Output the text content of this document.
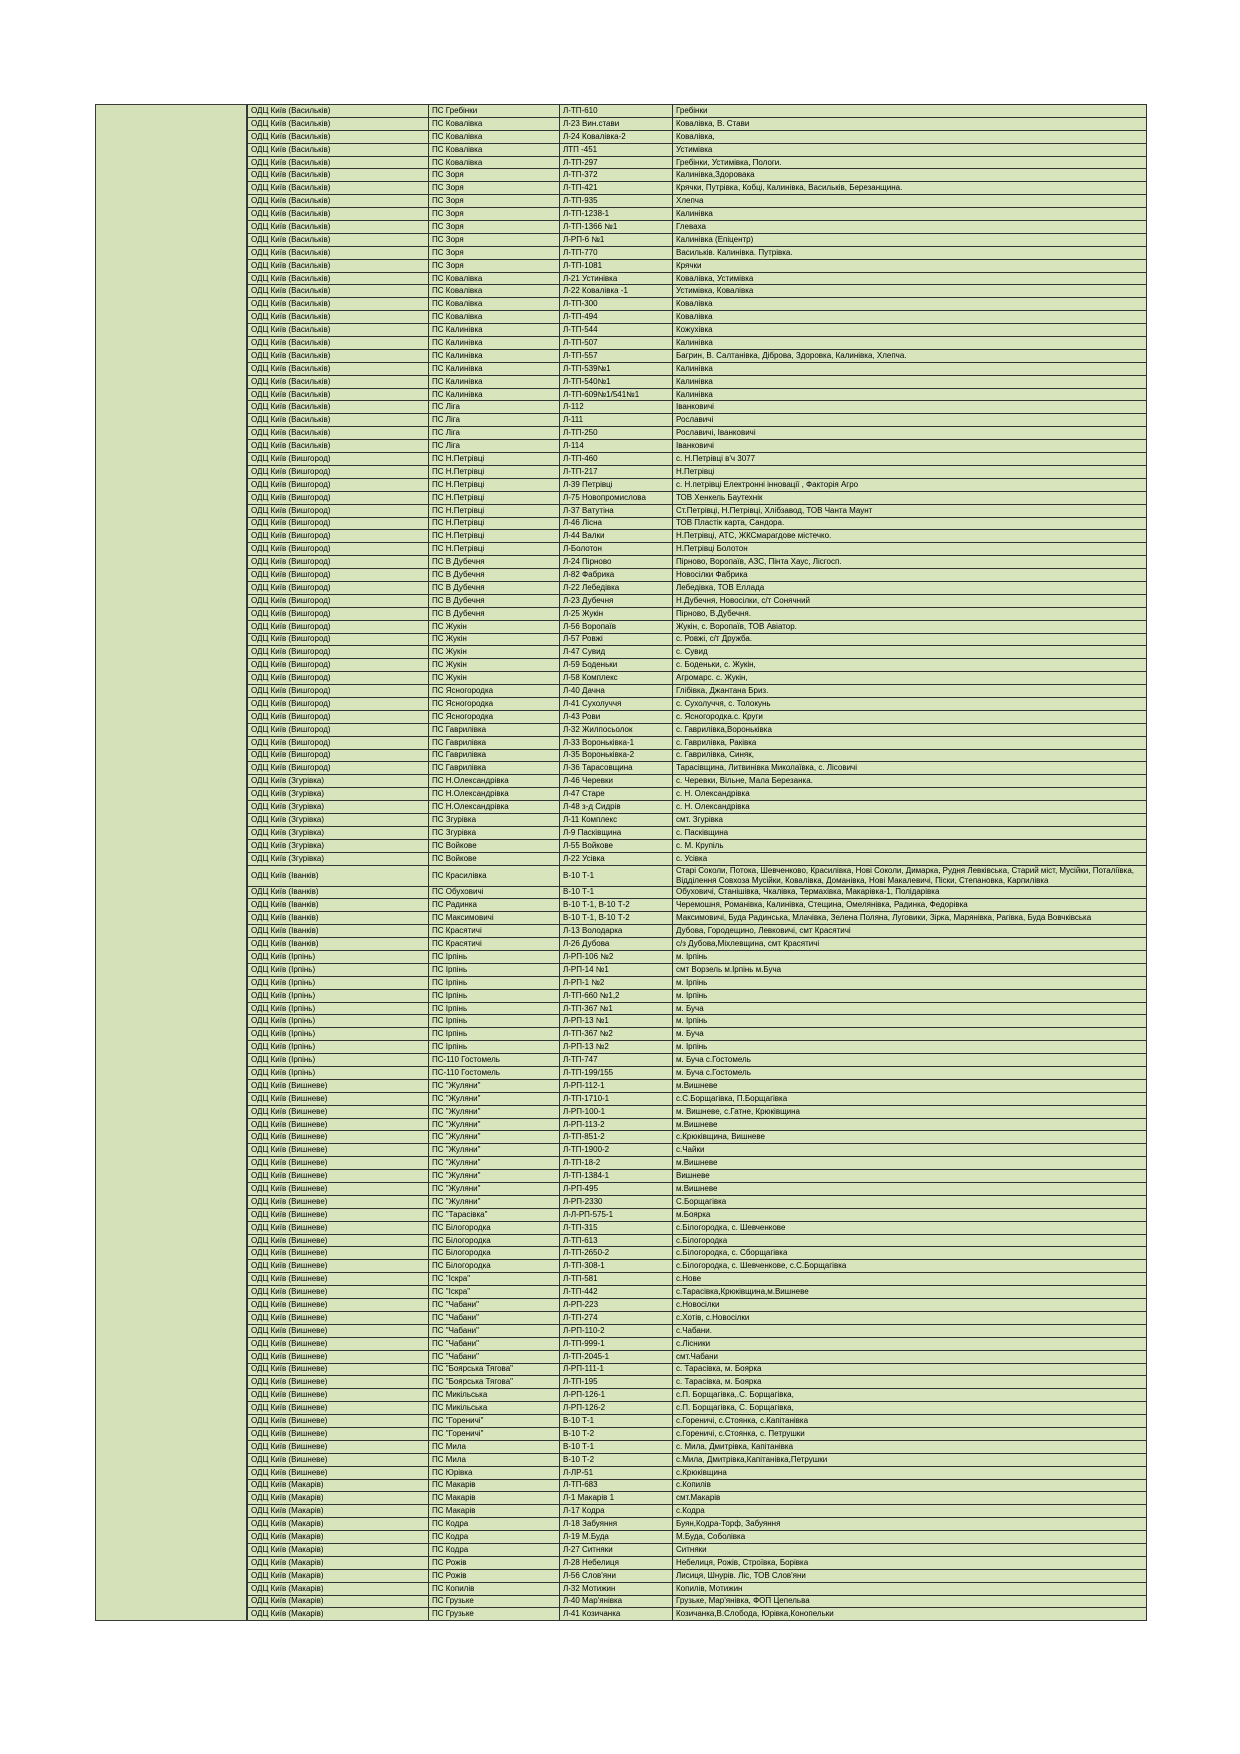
ОДЦ Київ (Васильків)	ПС Гребінки	Л-ТП-610	Гребінки
ОДЦ Київ (Васильків)	ПС Ковалівка	Л-23 Вин.стави	Ковалівка, В. Стави
ОДЦ Київ (Васильків)	ПС Ковалівка	Л-24 Ковалівка-2	Ковалівка,
ОДЦ Київ (Васильків)	ПС Ковалівка	ЛТП -451	Устимівка
ОДЦ Київ (Васильків)	ПС Ковалівка	Л-ТП-297	Гребінки, Устимівка, Пологи.
ОДЦ Київ (Васильків)	ПС Зоря	Л-ТП-372	Калинівка,Здоровака
ОДЦ Київ (Васильків)	ПС Зоря	Л-ТП-421	Крячки, Путрівка, Кобці, Калинівка, Васильків, Березанщина.
ОДЦ Київ (Васильків)	ПС Зоря	Л-ТП-935	Хлепча
ОДЦ Київ (Васильків)	ПС Зоря	Л-ТП-1238-1	Калинівка
ОДЦ Київ (Васильків)	ПС Зоря	Л-ТП-1366 №1	Глеваха
ОДЦ Київ (Васильків)	ПС Зоря	Л-РП-6 №1	Калинівка (Епіцентр)
ОДЦ Київ (Васильків)	ПС Зоря	Л-ТП-770	Васильків. Калинівка. Путрівка.
ОДЦ Київ (Васильків)	ПС Зоря	Л-ТП-1081	Крячки
ОДЦ Київ (Васильків)	ПС Ковалівка	Л-21 Устинівка	Ковалівка, Устимівка
ОДЦ Київ (Васильків)	ПС Ковалівка	Л-22 Ковалівка -1	Устимівка, Ковалівка
ОДЦ Київ (Васильків)	ПС Ковалівка	Л-ТП-300	Ковалівка
ОДЦ Київ (Васильків)	ПС Ковалівка	Л-ТП-494	Ковалівка
ОДЦ Київ (Васильків)	ПС Калинівка	Л-ТП-544	Кожухівка
ОДЦ Київ (Васильків)	ПС Калинівка	Л-ТП-507	Калинівка
ОДЦ Київ (Васильків)	ПС Калинівка	Л-ТП-557	Багрин, В. Салтанівка, Діброва, Здоровка, Калинівка, Хлепча.
ОДЦ Київ (Васильків)	ПС Калинівка	Л-ТП-539№1	Калинівка
ОДЦ Київ (Васильків)	ПС Калинівка	Л-ТП-540№1	Калинівка
ОДЦ Київ (Васильків)	ПС Калинівка	Л-ТП-609№1/541№1	Калинівка
ОДЦ Київ (Васильків)	ПС Ліга	Л-112	Іванковичі
ОДЦ Київ (Васильків)	ПС Ліга	Л-111	Рославичі
ОДЦ Київ (Васильків)	ПС Ліга	Л-ТП-250	Рославичі, Іванковичі
ОДЦ Київ (Васильків)	ПС Ліга	Л-114	Іванковичі
ОДЦ Київ (Вишгород)	ПС Н.Петрівці	Л-ТП-460	с. Н.Петрівці в'ч 3077
ОДЦ Київ (Вишгород)	ПС Н.Петрівці	Л-ТП-217	Н.Петрівці
ОДЦ Київ (Вишгород)	ПС Н.Петрівці	Л-39 Петрівці	с. Н.петрівці Електронні інновації , Факторія Агро
ОДЦ Київ (Вишгород)	ПС Н.Петрівці	Л-75 Новопромислова	ТОВ Хенкель Баутехнік
ОДЦ Київ (Вишгород)	ПС Н.Петрівці	Л-37 Ватутіна	Ст.Петрівці, Н.Петрівці, Хлібзавод, ТОВ Чанта Маунт
ОДЦ Київ (Вишгород)	ПС Н.Петрівці	Л-46 Лісна	ТОВ Пластік карта, Сандора.
ОДЦ Київ (Вишгород)	ПС Н.Петрівці	Л-44 Валки	Н.Петрівці, АТС, ЖКСмарагдове містечко.
ОДЦ Київ (Вишгород)	ПС Н.Петрівці	Л-Болотон	Н.Петрівці Болотон
ОДЦ Київ (Вишгород)	ПС В Дубечня	Л-24 Пірново	Пірново, Воропаїв, АЗС, Пінта Хаус, Лісгосп.
ОДЦ Київ (Вишгород)	ПС В Дубечня	Л-82 Фабрика	Новосілки Фабрика
ОДЦ Київ (Вишгород)	ПС В Дубечня	Л-22 Лебедівка	Лебедівка, ТОВ Еллада
ОДЦ Київ (Вишгород)	ПС В Дубечня	Л-23 Дубечня	Н.Дубечня, Новосілки, с/т Сонячний
ОДЦ Київ (Вишгород)	ПС В Дубечня	Л-25 Жукін	Пірново, В.Дубечня.
ОДЦ Київ (Вишгород)	ПС Жукін	Л-56 Воропаїв	Жукін, с. Воропаїв, ТОВ Авіатор.
ОДЦ Київ (Вишгород)	ПС Жукін	Л-57 Ровжі	с. Ровжі, с/т Дружба.
ОДЦ Київ (Вишгород)	ПС Жукін	Л-47 Сувид	с. Сувид
ОДЦ Київ (Вишгород)	ПС Жукін	Л-59 Боденьки	с. Боденьки, с. Жукін,
ОДЦ Київ (Вишгород)	ПС Жукін	Л-58 Комплекс	Агромарс. с. Жукін,
ОДЦ Київ (Вишгород)	ПС Ясногородка	Л-40 Дачна	Глібівка, Джантана Бриз.
ОДЦ Київ (Вишгород)	ПС Ясногородка	Л-41 Сухолуччя	с. Сухолуччя, с. Толокунь
ОДЦ Київ (Вишгород)	ПС Ясногородка	Л-43 Рови	с. Ясногородка.с. Круги
ОДЦ Київ (Вишгород)	ПС Гаврилівка	Л-32 Жилпосьолок	с. Гаврилівка,Вороньківка
ОДЦ Київ (Вишгород)	ПС Гаврилівка	Л-33 Вороньківка-1	с. Гаврилівка, Раківка
ОДЦ Київ (Вишгород)	ПС Гаврилівка	Л-35 Вороньківка-2	с. Гаврилівка, Синяк,
ОДЦ Київ (Вишгород)	ПС Гаврилівка	Л-36 Тарасовщина	Тарасівщина, Литвинівка Миколаївка, с. Лісовичі
ОДЦ Київ (Згурівка)	ПС Н.Олександрівка	Л-46 Черевки	с. Черевки, Вільне, Мала Березанка.
ОДЦ Київ (Згурівка)	ПС Н.Олександрівка	Л-47 Старе	с. Н. Олександрівка
ОДЦ Київ (Згурівка)	ПС Н.Олександрівка	Л-48 з-д Сидрів	с. Н. Олександрівка
ОДЦ Київ (Згурівка)	ПС Згурівка	Л-11 Комплекс	смт. Згурівка
ОДЦ Київ (Згурівка)	ПС Згурівка	Л-9 Пасківщина	с. Пасківщина
ОДЦ Київ (Згурівка)	ПС Войкове	Л-55 Войкове	с. М. Крупіль
ОДЦ Київ (Згурівка)	ПС Войкове	Л-22 Усівка	с. Усівка
ОДЦ Київ (Іванків)	ПС Красилівка	В-10 Т-1	Старі Соколи, Потока, Шевченково, Красилівка, Нові Соколи, Димарка, Рудня Левківська, Старий міст, Мусійки, Поталіївка, Відділення Совхоза Мусійки, Ковалівка, Доманівка, Нові Макалевичі, Піски, Степановка, Карпилівка
ОДЦ Київ (Іванків)	ПС Обуховичі	В-10 Т-1	Обуховичі, Станішівка, Чкалівка, Термахівка, Макарівка-1, Полідарівка
ОДЦ Київ (Іванків)	ПС Радинка	В-10 Т-1, В-10 Т-2	Черемошня, Романівка, Калинівка, Стещина, Омелянівка, Радинка, Федорівка
ОДЦ Київ (Іванків)	ПС Максимовичі	В-10 Т-1, В-10 Т-2	Максимовичі, Буда Радинська, Млачівка, Зелена Поляна, Луговики, Зірка, Марянівка, Рагівка, Буда Вовчківська
ОДЦ Київ (Іванків)	ПС Красятичі	Л-13 Володарка	Дубова, Городещино, Левковичі, смт Красятичі
ОДЦ Київ (Іванків)	ПС Красятичі	Л-26 Дубова	с/з Дубова,Міхлевщина, смт Красятичі
ОДЦ Київ (Ірпінь)	ПС Ірпінь	Л-РП-106 №2	м. Ірпінь
ОДЦ Київ (Ірпінь)	ПС Ірпінь	Л-РП-14 №1	смт Ворзель м.Ірпінь м.Буча
ОДЦ Київ (Ірпінь)	ПС Ірпінь	Л-РП-1 №2	м. Ірпінь
ОДЦ Київ (Ірпінь)	ПС Ірпінь	Л-ТП-660 №1,2	м. Ірпінь
ОДЦ Київ (Ірпінь)	ПС Ірпінь	Л-ТП-367 №1	м. Буча
ОДЦ Київ (Ірпінь)	ПС Ірпінь	Л-РП-13 №1	м. Ірпінь
ОДЦ Київ (Ірпінь)	ПС Ірпінь	Л-ТП-367 №2	м. Буча
ОДЦ Київ (Ірпінь)	ПС Ірпінь	Л-РП-13 №2	м. Ірпінь
ОДЦ Київ (Ірпінь)	ПС-110 Гостомель	Л-ТП-747	м. Буча с.Гостомель
ОДЦ Київ (Ірпінь)	ПС-110 Гостомель	Л-ТП-199/155	м. Буча с.Гостомель
ОДЦ Київ (Вишневе)	ПС "Жуляни"	Л-РП-112-1	м.Вишневе
ОДЦ Київ (Вишневе)	ПС "Жуляни"	Л-ТП-1710-1	с.С.Борщагівка, П.Борщагівка
ОДЦ Київ (Вишневе)	ПС "Жуляни"	Л-РП-100-1	м. Вишневе, с.Гатне, Крюківщина
ОДЦ Київ (Вишневе)	ПС "Жуляни"	Л-РП-113-2	м.Вишневе
ОДЦ Київ (Вишневе)	ПС "Жуляни"	Л-ТП-851-2	с.Крюківщина, Вишневе
ОДЦ Київ (Вишневе)	ПС "Жуляни"	Л-ТП-1900-2	с.Чайки
ОДЦ Київ (Вишневе)	ПС "Жуляни"	Л-ТП-18-2	м.Вишневе
ОДЦ Київ (Вишневе)	ПС "Жуляни"	Л-ТП-1384-1	Вишневе
ОДЦ Київ (Вишневе)	ПС "Жуляни"	Л-РП-495	м.Вишневе
ОДЦ Київ (Вишневе)	ПС "Жуляни"	Л-РП-2330	С.Борщагівка
ОДЦ Київ (Вишневе)	ПС "Тарасівка"	Л-Л-РП-575-1	м.Боярка
ОДЦ Київ (Вишневе)	ПС Білогородка	Л-ТП-315	с.Білогородка, с. Шевченкове
ОДЦ Київ (Вишневе)	ПС Білогородка	Л-ТП-613	с.Білогородка
ОДЦ Київ (Вишневе)	ПС Білогородка	Л-ТП-2650-2	с.Білогородка, с. Сборщагівка
ОДЦ Київ (Вишневе)	ПС Білогородка	Л-ТП-308-1	с.Білогородка, с. Шевченкове, с.С.Борщагівка
ОДЦ Київ (Вишневе)	ПС "Іскра"	Л-ТП-581	с.Нове
ОДЦ Київ (Вишневе)	ПС "Іскра"	Л-ТП-442	с.Тарасівка,Крюківщина,м.Вишневе
ОДЦ Київ (Вишневе)	ПС "Чабани"	Л-РП-223	с.Новосілки
ОДЦ Київ (Вишневе)	ПС "Чабани"	Л-ТП-274	с.Хотів, с.Новосілки
ОДЦ Київ (Вишневе)	ПС "Чабани"	Л-РП-110-2	с.Чабани.
ОДЦ Київ (Вишневе)	ПС "Чабани"	Л-ТП-999-1	с.Лісники
ОДЦ Київ (Вишневе)	ПС "Чабани"	Л-ТП-2045-1	смт.Чабани
ОДЦ Київ (Вишневе)	ПС "Боярська Тягова"	Л-РП-111-1	с. Тарасівка, м. Боярка
ОДЦ Київ (Вишневе)	ПС "Боярська Тягова"	Л-ТП-195	с. Тарасівка, м. Боярка
ОДЦ Київ (Вишневе)	ПС Микільська	Л-РП-126-1	с.П. Борщагівка,.С. Борщагівка,
ОДЦ Київ (Вишневе)	ПС Микільська	Л-РП-126-2	с.П. Борщагівка, С. Борщагівка,
ОДЦ Київ (Вишневе)	ПС "Гореничі"	В-10 Т-1	с.Гореничі, с.Стоянка, с.Капітанівка
ОДЦ Київ (Вишневе)	ПС "Гореничі"	В-10 Т-2	с.Гореничі, с.Стоянка, с. Петрушки
ОДЦ Київ (Вишневе)	ПС Мила	В-10 Т-1	с. Мила, Дмитрівка, Капітанівка
ОДЦ Київ (Вишневе)	ПС Мила	В-10 Т-2	с.Мила, Дмитрівка,Капітанівка,Петрушки
ОДЦ Київ (Вишневе)	ПС Юрівка	Л-ЛР-51	с.Крюківщина
ОДЦ Київ (Макарів)	ПС Макарів	Л-ТП-683	с.Копилів
ОДЦ Київ (Макарів)	ПС Макарів	Л-1 Макарів 1	смт.Макарів
ОДЦ Київ (Макарів)	ПС Макарів	Л-17 Кодра	с.Кодра
ОДЦ Київ (Макарів)	ПС Кодра	Л-18 Забуяння	Буян,Кодра-Торф, Забуяння
ОДЦ Київ (Макарів)	ПС Кодра	Л-19 М.Буда	М.Буда, Соболівка
ОДЦ Київ (Макарів)	ПС Кодра	Л-27 Ситняки	Ситняки
ОДЦ Київ (Макарів)	ПС Рожів	Л-28 Небелиця	Небелиця, Рожів, Строївка, Борівка
ОДЦ Київ (Макарів)	ПС Рожів	Л-56 Слов'яни	Лисиця, Шнурів. Ліс, ТОВ Слов'яни
ОДЦ Київ (Макарів)	ПС Копилів	Л-32 Мотижин	Копилів, Мотижин
ОДЦ Київ (Макарів)	ПС Грузьке	Л-40 Мар'янівка	Грузьке, Мар'янівка, ФОП Цепельва
ОДЦ Київ (Макарів)	ПС Грузьке	Л-41 Козичанка	Козичанка,В.Слобода, Юрівка,Конопельки
